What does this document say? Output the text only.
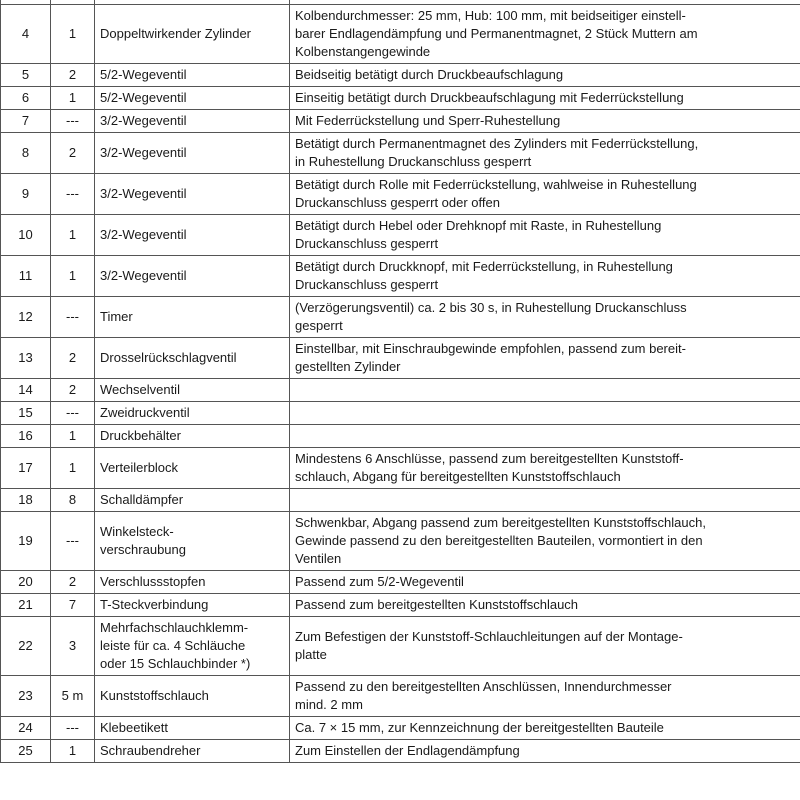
4	1	Doppeltwirkender Zylinder	Kolbendurchmesser: 25 mm, Hub: 100 mm, mit beidseitiger einstell-
barer Endlagendämpfung und Permanentmagnet, 2 Stück Muttern am
Kolbenstangengewinde
5	2	5/2-Wegeventil	Beidseitig betätigt durch Druckbeaufschlagung
6	1	5/2-Wegeventil	Einseitig betätigt durch Druckbeaufschlagung mit Federrückstellung
7	---	3/2-Wegeventil	Mit Federrückstellung und Sperr-Ruhestellung
8	2	3/2-Wegeventil	Betätigt durch Permanentmagnet des Zylinders mit Federrückstellung,
in Ruhestellung Druckanschluss gesperrt
9	---	3/2-Wegeventil	Betätigt durch Rolle mit Federrückstellung, wahlweise in Ruhestellung
Druckanschluss gesperrt oder offen
10	1	3/2-Wegeventil	Betätigt durch Hebel oder Drehknopf mit Raste, in Ruhestellung
Druckanschluss gesperrt
11	1	3/2-Wegeventil	Betätigt durch Druckknopf, mit Federrückstellung, in Ruhestellung
Druckanschluss gesperrt
12	---	Timer	(Verzögerungsventil) ca. 2 bis 30 s, in Ruhestellung Druckanschluss
gesperrt
13	2	Drosselrückschlagventil	Einstellbar, mit Einschraubgewinde empfohlen, passend zum bereit-
gestellten Zylinder
14	2	Wechselventil	
15	---	Zweidruckventil	
16	1	Druckbehälter	
17	1	Verteilerblock	Mindestens 6 Anschlüsse, passend zum bereitgestellten Kunststoff-
schlauch, Abgang für bereitgestellten Kunststoffschlauch
18	8	Schalldämpfer	
19	---	Winkelsteck-
verschraubung	Schwenkbar, Abgang passend zum bereitgestellten Kunststoffschlauch,
Gewinde passend zu den bereitgestellten Bauteilen, vormontiert in den
Ventilen
20	2	Verschlussstopfen	Passend zum 5/2-Wegeventil
21	7	T-Steckverbindung	Passend zum bereitgestellten Kunststoffschlauch
22	3	Mehrfachschlauchklemm-
leiste für ca. 4 Schläuche
oder 15 Schlauchbinder *)	Zum Befestigen der Kunststoff-Schlauchleitungen auf der Montage-
platte
23	5 m	Kunststoffschlauch	Passend zu den bereitgestellten Anschlüssen, Innendurchmesser
mind. 2 mm
24	---	Klebeetikett	Ca. 7 × 15 mm, zur Kennzeichnung der bereitgestellten Bauteile
25	1	Schraubendreher	Zum Einstellen der Endlagendämpfung
